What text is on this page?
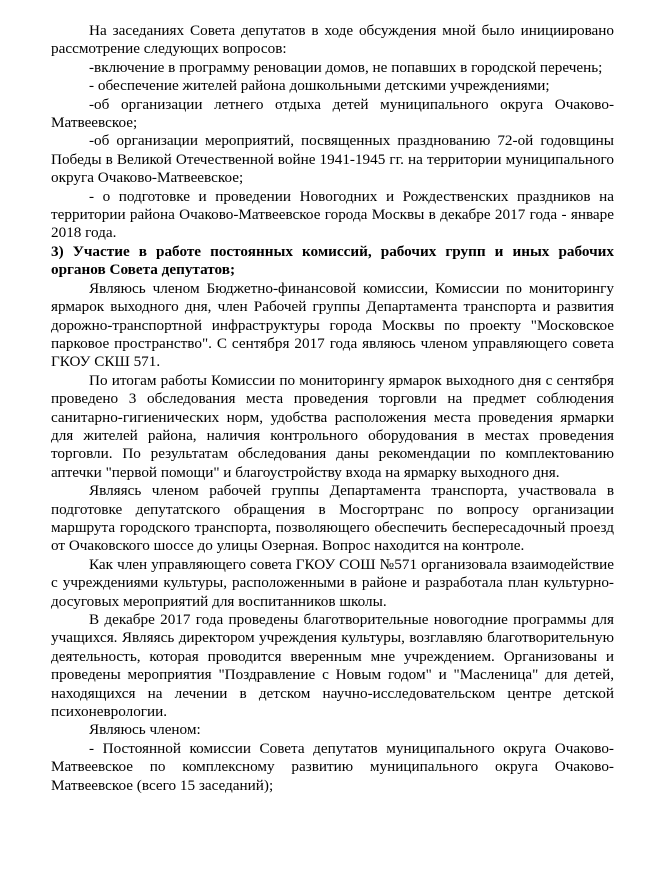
На заседаниях Совета депутатов в ходе обсуждения мной было инициировано рассмотрение следующих вопросов:

-включение в программу реновации домов, не попавших в городской перечень;

- обеспечение жителей района дошкольными детскими учреждениями;

-об организации летнего отдыха детей муниципального округа Очаково-Матвеевское;

-об организации мероприятий, посвященных празднованию 72-ой годовщины Победы в Великой Отечественной войне 1941-1945 гг. на территории муниципального округа Очаково-Матвеевское;

- о подготовке и проведении Новогодних и Рождественских праздников на территории района Очаково-Матвеевское города Москвы в декабре 2017 года - январе 2018 года.

3) Участие в работе постоянных комиссий, рабочих групп и иных рабочих органов Совета депутатов;

Являюсь членом Бюджетно-финансовой комиссии, Комиссии по мониторингу ярмарок выходного дня, член Рабочей группы Департамента транспорта и развития дорожно-транспортной инфраструктуры города Москвы по проекту "Московское парковое пространство". С сентября 2017 года являюсь членом управляющего совета ГКОУ СКШ 571.

По итогам работы Комиссии по мониторингу ярмарок выходного дня с сентября проведено 3 обследования места проведения торговли на предмет соблюдения санитарно-гигиенических норм, удобства расположения места проведения ярмарки для жителей района, наличия контрольного оборудования в местах проведения торговли. По результатам обследования даны рекомендации по комплектованию аптечки "первой помощи" и благоустройству входа на ярмарку выходного дня.

Являясь членом рабочей группы Департамента транспорта, участвовала в подготовке депутатского обращения в Мосгортранс по вопросу организации маршрута городского транспорта, позволяющего обеспечить беспересадочный проезд от Очаковского шоссе до улицы Озерная. Вопрос находится на контроле.

Как член управляющего совета ГКОУ СОШ №571 организовала взаимодействие с учреждениями культуры, расположенными в районе и разработала план культурно-досуговых мероприятий для воспитанников школы.

В декабре 2017 года проведены благотворительные новогодние программы для учащихся. Являясь директором учреждения культуры, возглавляю благотворительную деятельность, которая проводится вверенным мне учреждением. Организованы и проведены мероприятия "Поздравление с Новым годом" и "Масленица" для детей, находящихся на лечении в детском научно-исследовательском центре детской психоневрологии.

Являюсь членом:

- Постоянной комиссии Совета депутатов муниципального округа Очаково-Матвеевское по комплексному развитию муниципального округа Очаково-Матвеевское (всего 15 заседаний);
